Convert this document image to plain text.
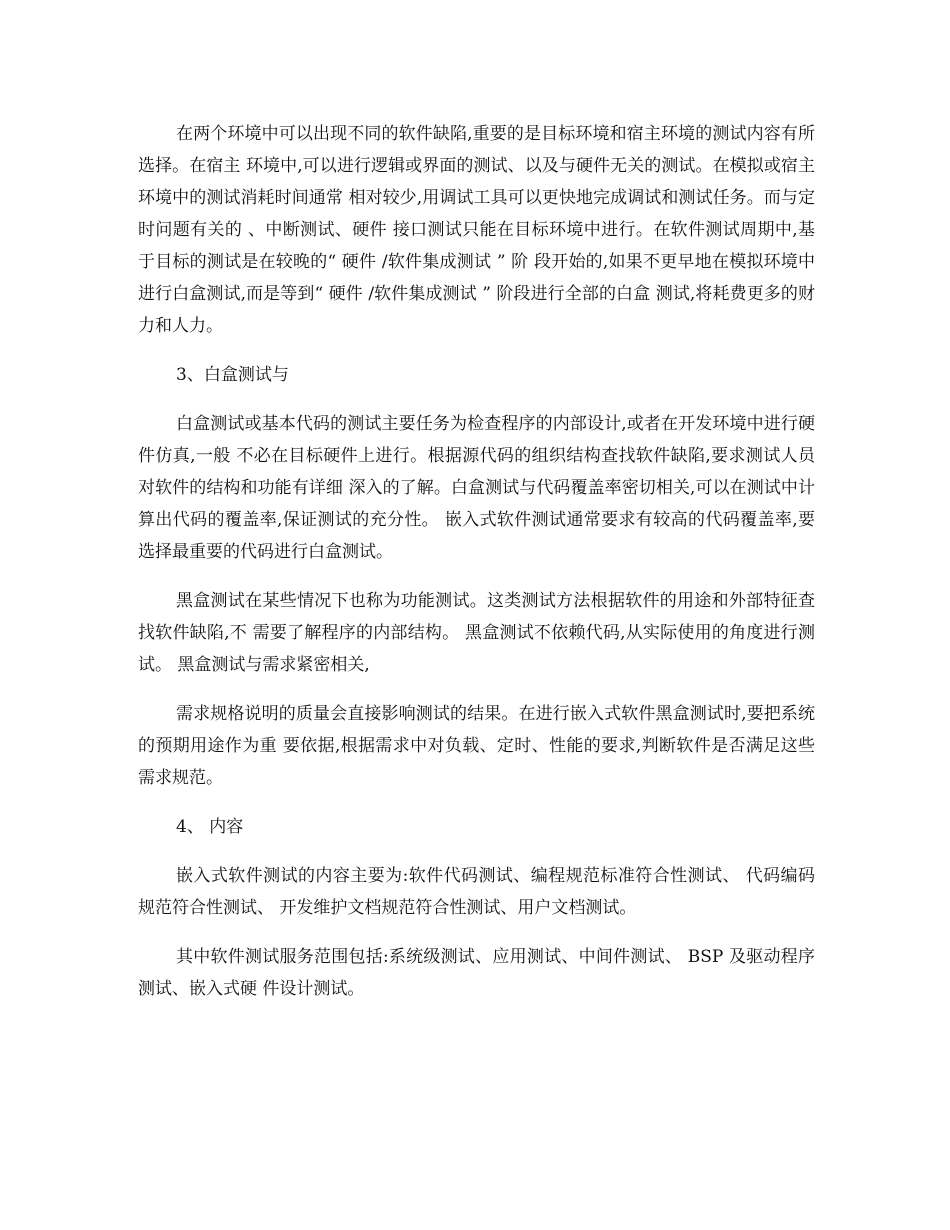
在两个环境中可以出现不同的软件缺陷,重要的是目标环境和宿主环境的测试内容有所选择。在宿主 环境中,可以进行逻辑或界面的测试、以及与硬件无关的测试。在模拟或宿主环境中的测试消耗时间通常 相对较少,用调试工具可以更快地完成调试和测试任务。而与定时问题有关的 、中断测试、硬件 接口测试只能在目标环境中进行。在软件测试周期中,基于目标的测试是在较晚的“ 硬件 /软件集成测试 ” 阶 段开始的,如果不更早地在模拟环境中进行白盒测试,而是等到“ 硬件 /软件集成测试 ” 阶段进行全部的白盒 测试,将耗费更多的财力和人力。

3、白盒测试与

白盒测试或基本代码的测试主要任务为检查程序的内部设计,或者在开发环境中进行硬件仿真,一般 不必在目标硬件上进行。根据源代码的组织结构查找软件缺陷,要求测试人员对软件的结构和功能有详细 深入的了解。白盒测试与代码覆盖率密切相关,可以在测试中计算出代码的覆盖率,保证测试的充分性。 嵌入式软件测试通常要求有较高的代码覆盖率,要选择最重要的代码进行白盒测试。

黑盒测试在某些情况下也称为功能测试。这类测试方法根据软件的用途和外部特征查找软件缺陷,不 需要了解程序的内部结构。 黑盒测试不依赖代码,从实际使用的角度进行测试。 黑盒测试与需求紧密相关,

需求规格说明的质量会直接影响测试的结果。在进行嵌入式软件黑盒测试时,要把系统的预期用途作为重 要依据,根据需求中对负载、定时、性能的要求,判断软件是否满足这些需求规范。

4、 内容

嵌入式软件测试的内容主要为:软件代码测试、编程规范标准符合性测试、 代码编码规范符合性测试、 开发维护文档规范符合性测试、用户文档测试。

其中软件测试服务范围包括:系统级测试、应用测试、中间件测试、 BSP 及驱动程序测试、嵌入式硬 件设计测试。
